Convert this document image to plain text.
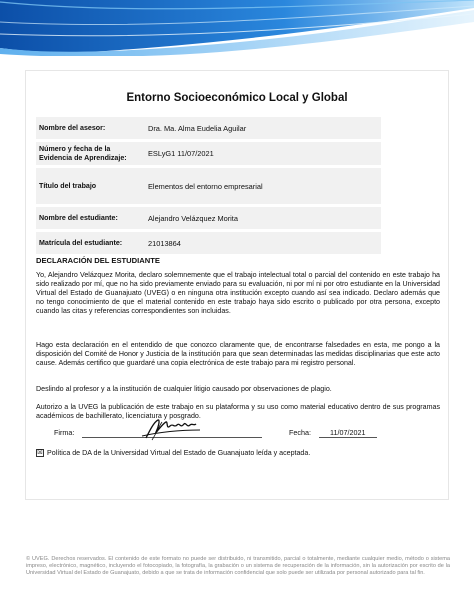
Entorno Socioeconómico Local y Global
Nombre del asesor:	Dra. Ma. Alma Eudelia Aguilar
Número y fecha de la Evidencia de Aprendizaje:	ESLyG1 11/07/2021
Título del trabajo	Elementos del entorno empresarial
Nombre del estudiante:	Alejandro Velázquez Morita
Matrícula del estudiante:	21013864
DECLARACIÓN DEL ESTUDIANTE

Yo, Alejandro Velázquez Morita, declaro solemnemente que el trabajo intelectual total o parcial del contenido en este trabajo ha sido realizado por mí, que no ha sido previamente enviado para su evaluación, ni por mí ni por otro estudiante en la Universidad Virtual del Estado de Guanajuato (UVEG) o en ninguna otra institución excepto cuando así sea indicado. Declaro además que no tengo conocimiento de que el material contenido en este trabajo haya sido escrito o publicado por otra persona, excepto cuando las citas y referencias correspondientes son incluidas.

Hago esta declaración en el entendido de que conozco claramente que, de encontrarse falsedades en esta, me pongo a la disposición del Comité de Honor y Justicia de la institución para que sean determinadas las medidas disciplinarias que este acto cause. Además certifico que guardaré una copia electrónica de este trabajo para mi registro personal.

Deslindo al profesor y a la institución de cualquier litigio causado por observaciones de plagio.

Autorizo a la UVEG la publicación de este trabajo en su plataforma y su uso como material educativo dentro de sus programas académicos de bachillerato, licenciatura y posgrado.

Firma:	Fecha:	11/07/2021
☒ Política de DA de la Universidad Virtual del Estado de Guanajuato leída y aceptada.

© UVEG. Derechos reservados. El contenido de este formato no puede ser distribuido, ni transmitido, parcial o totalmente, mediante cualquier medio, método o sistema impreso, electrónico, magnético, incluyendo el fotocopiado, la fotografía, la grabación o un sistema de recuperación de la información, sin la autorización por escrito de la Universidad Virtual del Estado de Guanajuato, debido a que se trata de información confidencial que solo puede ser utilizada por personal autorizado para tal fin.
